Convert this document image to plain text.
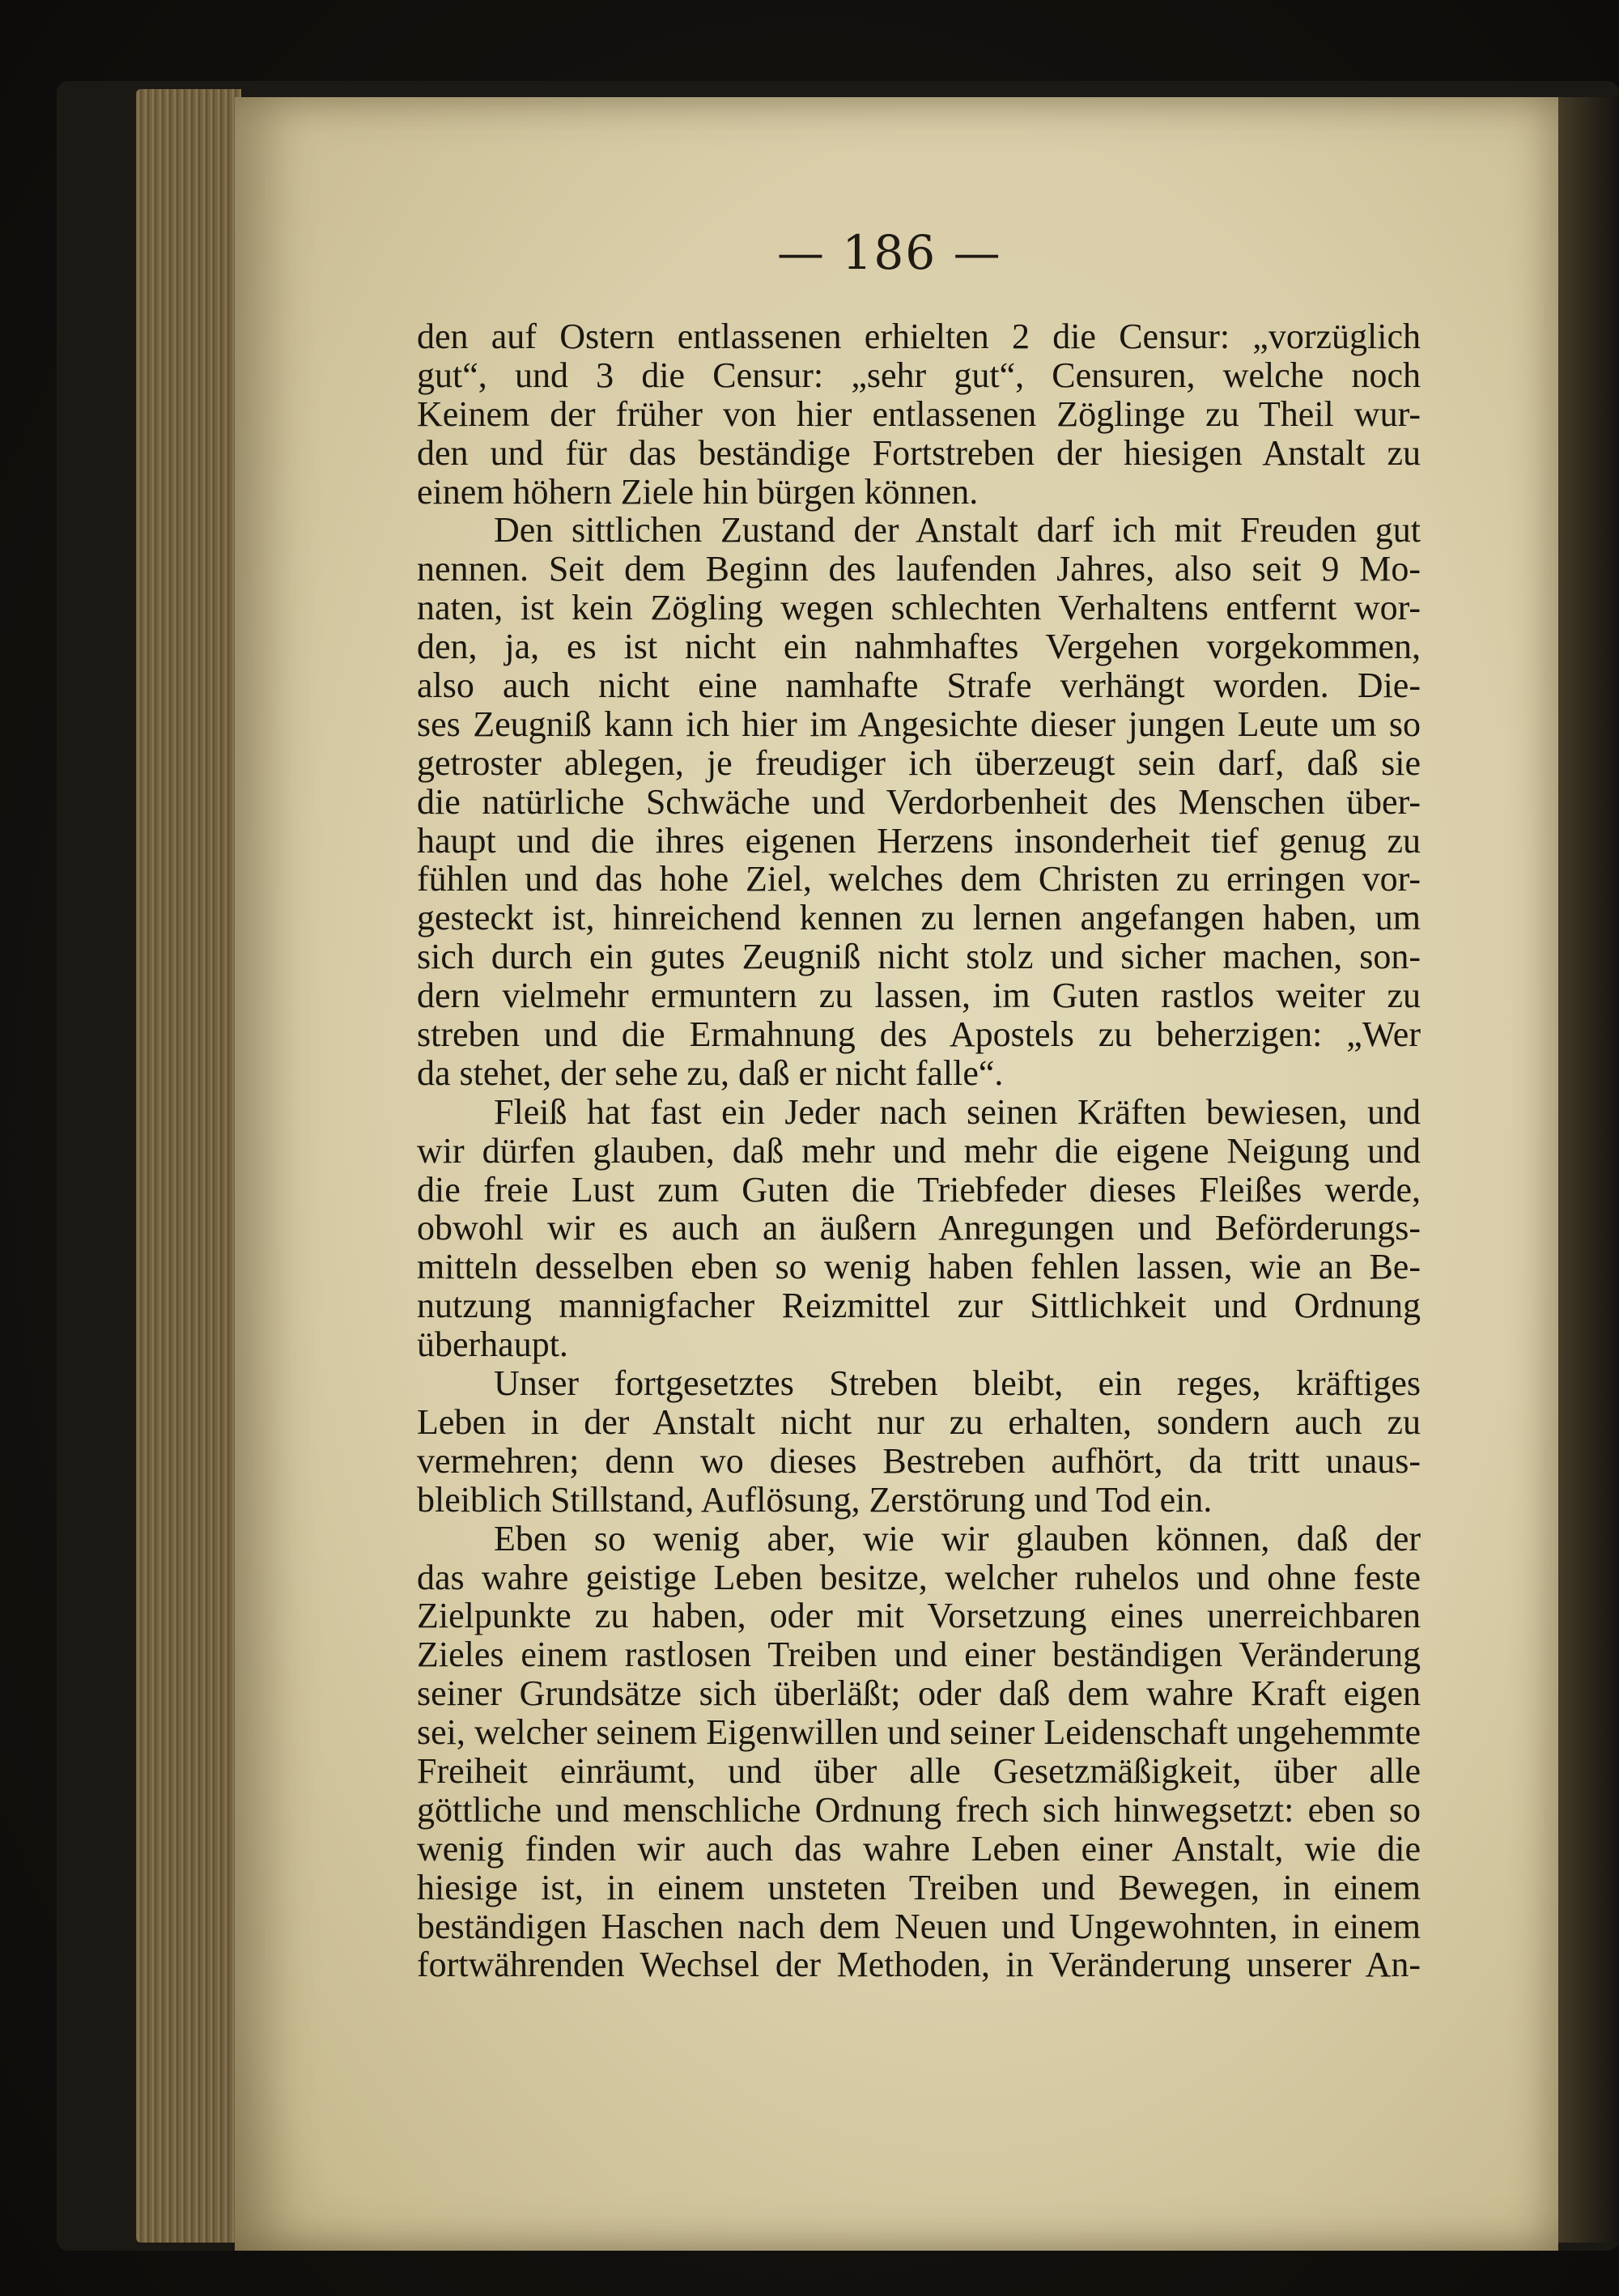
— 186 —
den auf Ostern entlassenen erhielten 2 die Censur: „vorzüglich
gut“, und 3 die Censur: „sehr gut“, Censuren, welche noch
Keinem der früher von hier entlassenen Zöglinge zu Theil wur-
den und für das beständige Fortstreben der hiesigen Anstalt zu
einem höhern Ziele hin bürgen können.
Den sittlichen Zustand der Anstalt darf ich mit Freuden gut
nennen. Seit dem Beginn des laufenden Jahres, also seit 9 Mo-
naten, ist kein Zögling wegen schlechten Verhaltens entfernt wor-
den, ja, es ist nicht ein nahmhaftes Vergehen vorgekommen,
also auch nicht eine namhafte Strafe verhängt worden. Die-
ses Zeugniß kann ich hier im Angesichte dieser jungen Leute um so
getroster ablegen, je freudiger ich überzeugt sein darf, daß sie
die natürliche Schwäche und Verdorbenheit des Menschen über-
haupt und die ihres eigenen Herzens insonderheit tief genug zu
fühlen und das hohe Ziel, welches dem Christen zu erringen vor-
gesteckt ist, hinreichend kennen zu lernen angefangen haben, um
sich durch ein gutes Zeugniß nicht stolz und sicher machen, son-
dern vielmehr ermuntern zu lassen, im Guten rastlos weiter zu
streben und die Ermahnung des Apostels zu beherzigen: „Wer
da stehet, der sehe zu, daß er nicht falle“.
Fleiß hat fast ein Jeder nach seinen Kräften bewiesen, und
wir dürfen glauben, daß mehr und mehr die eigene Neigung und
die freie Lust zum Guten die Triebfeder dieses Fleißes werde,
obwohl wir es auch an äußern Anregungen und Beförderungs-
mitteln desselben eben so wenig haben fehlen lassen, wie an Be-
nutzung mannigfacher Reizmittel zur Sittlichkeit und Ordnung
überhaupt.
Unser fortgesetztes Streben bleibt, ein reges, kräftiges
Leben in der Anstalt nicht nur zu erhalten, sondern auch zu
vermehren; denn wo dieses Bestreben aufhört, da tritt unaus-
bleiblich Stillstand, Auflösung, Zerstörung und Tod ein.
Eben so wenig aber, wie wir glauben können, daß der
das wahre geistige Leben besitze, welcher ruhelos und ohne feste
Zielpunkte zu haben, oder mit Vorsetzung eines unerreichbaren
Zieles einem rastlosen Treiben und einer beständigen Veränderung
seiner Grundsätze sich überläßt; oder daß dem wahre Kraft eigen
sei, welcher seinem Eigenwillen und seiner Leidenschaft ungehemmte
Freiheit einräumt, und über alle Gesetzmäßigkeit, über alle
göttliche und menschliche Ordnung frech sich hinwegsetzt: eben so
wenig finden wir auch das wahre Leben einer Anstalt, wie die
hiesige ist, in einem unsteten Treiben und Bewegen, in einem
beständigen Haschen nach dem Neuen und Ungewohnten, in einem
fortwährenden Wechsel der Methoden, in Veränderung unserer An-
